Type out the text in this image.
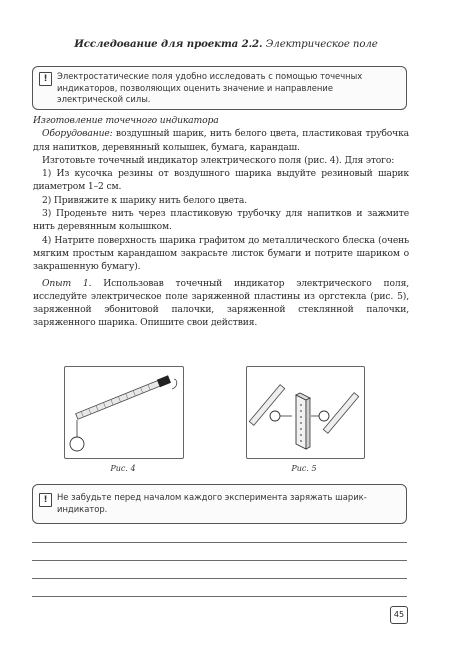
Исследование для проекта 2.2. Электрическое поле
!	Электростатические поля удобно исследовать с помощью точечных индикаторов, позволяющих оценить значение и направление электрической силы.

Изготовление точечного индикатора

Оборудование: воздушный шарик, нить белого цвета, пластиковая трубочка для напитков, деревянный колышек, бумага, карандаш.

Изготовьте точечный индикатор электрического поля (рис. 4). Для этого:

1) Из кусочка резины от воздушного шарика выдуйте резиновый шарик диаметром 1–2 см.

2) Привяжите к шарику нить белого цвета.

3) Проденьте нить через пластиковую трубочку для напитков и зажмите нить деревянным колышком.

4) Натрите поверхность шарика графитом до металлического блеска (очень мягким простым карандашом закрасьте листок бумаги и потрите шариком о закрашенную бумагу).

Опыт 1. Использовав точечный индикатор электрического поля, исследуйте электрическое поле заряженной пластины из оргстекла (рис. 5), заряженной эбонитовой палочки, заряженной стеклянной палочки, заряженного шарика. Опишите свои действия.

Рис. 4	Рис. 5
!	Не забудьте перед началом каждого эксперимента заряжать шарик-индикатор.
45
